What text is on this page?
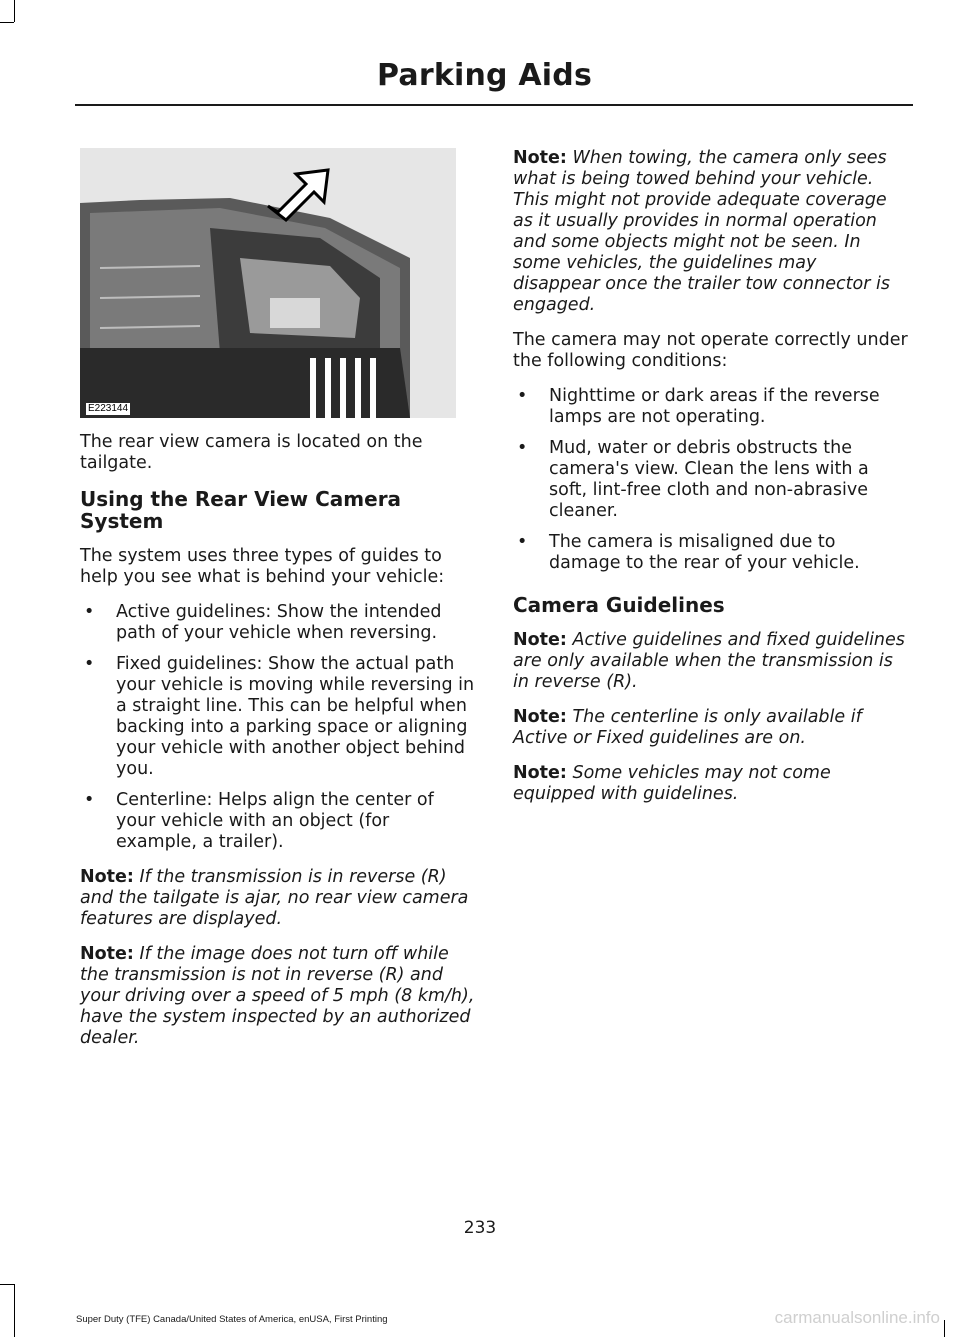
Parking Aids
E223144

The rear view camera is located on the tailgate.

Using the Rear View Camera System

The system uses three types of guides to help you see what is behind your vehicle:

• Active guidelines: Show the intended path of your vehicle when reversing.
• Fixed guidelines: Show the actual path your vehicle is moving while reversing in a straight line. This can be helpful when backing into a parking space or aligning your vehicle with another object behind you.
• Centerline: Helps align the center of your vehicle with an object (for example, a trailer).

Note: If the transmission is in reverse (R) and the tailgate is ajar, no rear view camera features are displayed.

Note: If the image does not turn off while the transmission is not in reverse (R) and your driving over a speed of 5 mph (8 km/h), have the system inspected by an authorized dealer.

Note: When towing, the camera only sees what is being towed behind your vehicle. This might not provide adequate coverage as it usually provides in normal operation and some objects might not be seen. In some vehicles, the guidelines may disappear once the trailer tow connector is engaged.

The camera may not operate correctly under the following conditions:

• Nighttime or dark areas if the reverse lamps are not operating.
• Mud, water or debris obstructs the camera's view. Clean the lens with a soft, lint-free cloth and non-abrasive cleaner.
• The camera is misaligned due to damage to the rear of your vehicle.
Camera Guidelines

Note: Active guidelines and fixed guidelines are only available when the transmission is in reverse (R).

Note: The centerline is only available if Active or Fixed guidelines are on.

Note: Some vehicles may not come equipped with guidelines.

233
Super Duty (TFE) Canada/United States of America, enUSA, First Printing	carmanualsonline.info
